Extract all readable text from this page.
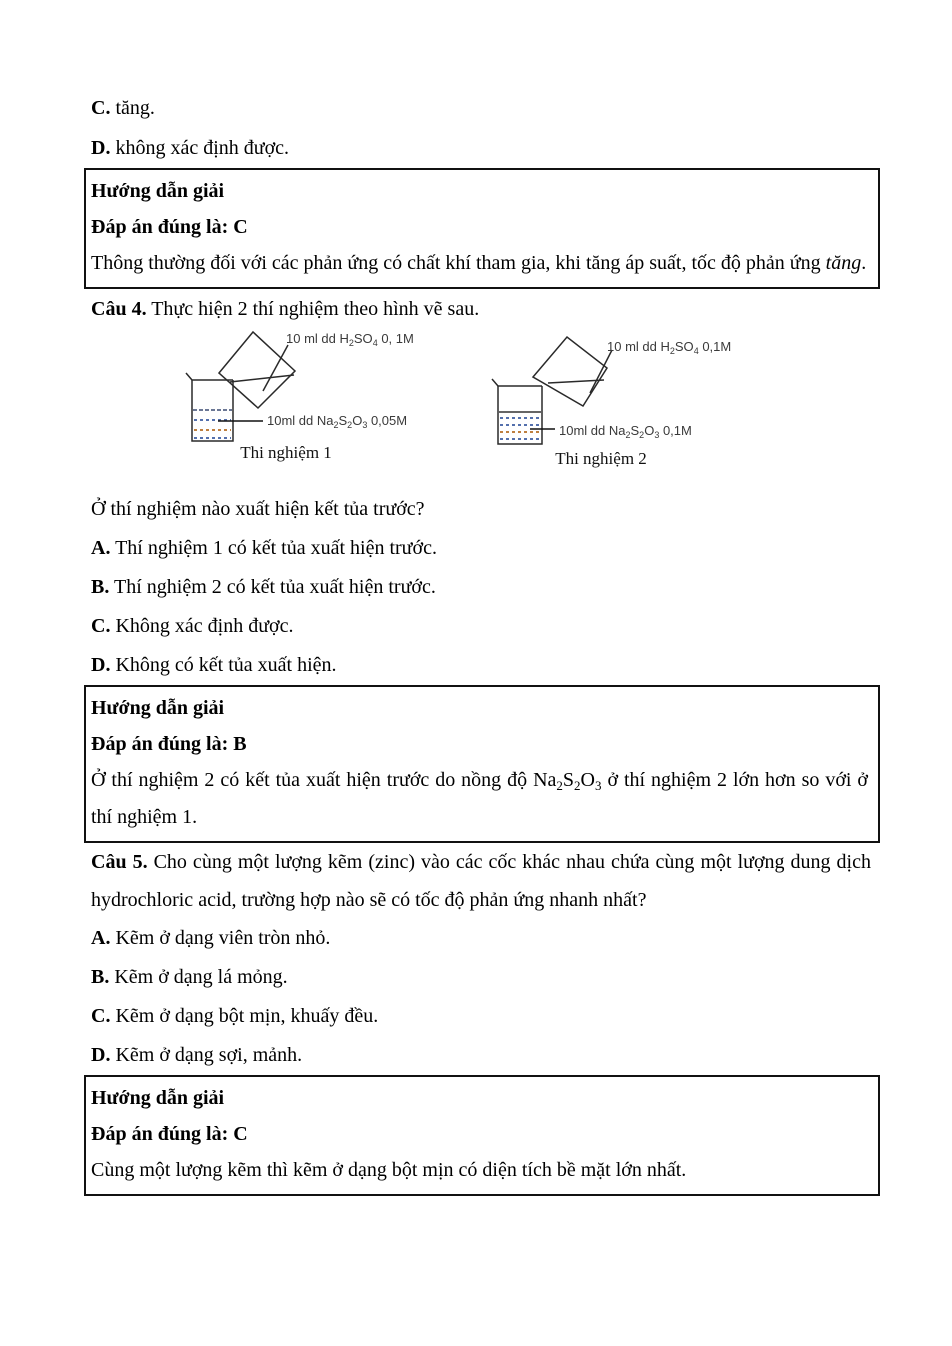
C. tăng.

D. không xác định được.

Hướng dẫn giải

Đáp án đúng là: C

Thông thường đối với các phản ứng có chất khí tham gia, khi tăng áp suất, tốc độ phản ứng tăng.

Câu 4. Thực hiện 2 thí nghiệm theo hình vẽ sau.

10 ml dd $H_2SO_4$ 0, 1M
10ml dd $Na_2S_2O_3$ 0,05M
Thi nghiệm 1
10 ml dd $H_2SO_4$ 0,1M
10ml dd $Na_2S_2O_3$ 0,1M
Thi nghiệm 2

Ở thí nghiệm nào xuất hiện kết tủa trước?

A. Thí nghiệm 1 có kết tủa xuất hiện trước.

B. Thí nghiệm 2 có kết tủa xuất hiện trước.

C. Không xác định được.

D. Không có kết tủa xuất hiện.

Hướng dẫn giải

Đáp án đúng là: B

Ở thí nghiệm 2 có kết tủa xuất hiện trước do nồng độ $Na_2S_2O_3$ ở thí nghiệm 2 lớn hơn so với ở thí nghiệm 1.

Câu 5. Cho cùng một lượng kẽm (zinc) vào các cốc khác nhau chứa cùng một lượng dung dịch hydrochloric acid, trường hợp nào sẽ có tốc độ phản ứng nhanh nhất?

A. Kẽm ở dạng viên tròn nhỏ.

B. Kẽm ở dạng lá mỏng.

C. Kẽm ở dạng bột mịn, khuấy đều.

D. Kẽm ở dạng sợi, mảnh.

Hướng dẫn giải

Đáp án đúng là: C

Cùng một lượng kẽm thì kẽm ở dạng bột mịn có diện tích bề mặt lớn nhất.
